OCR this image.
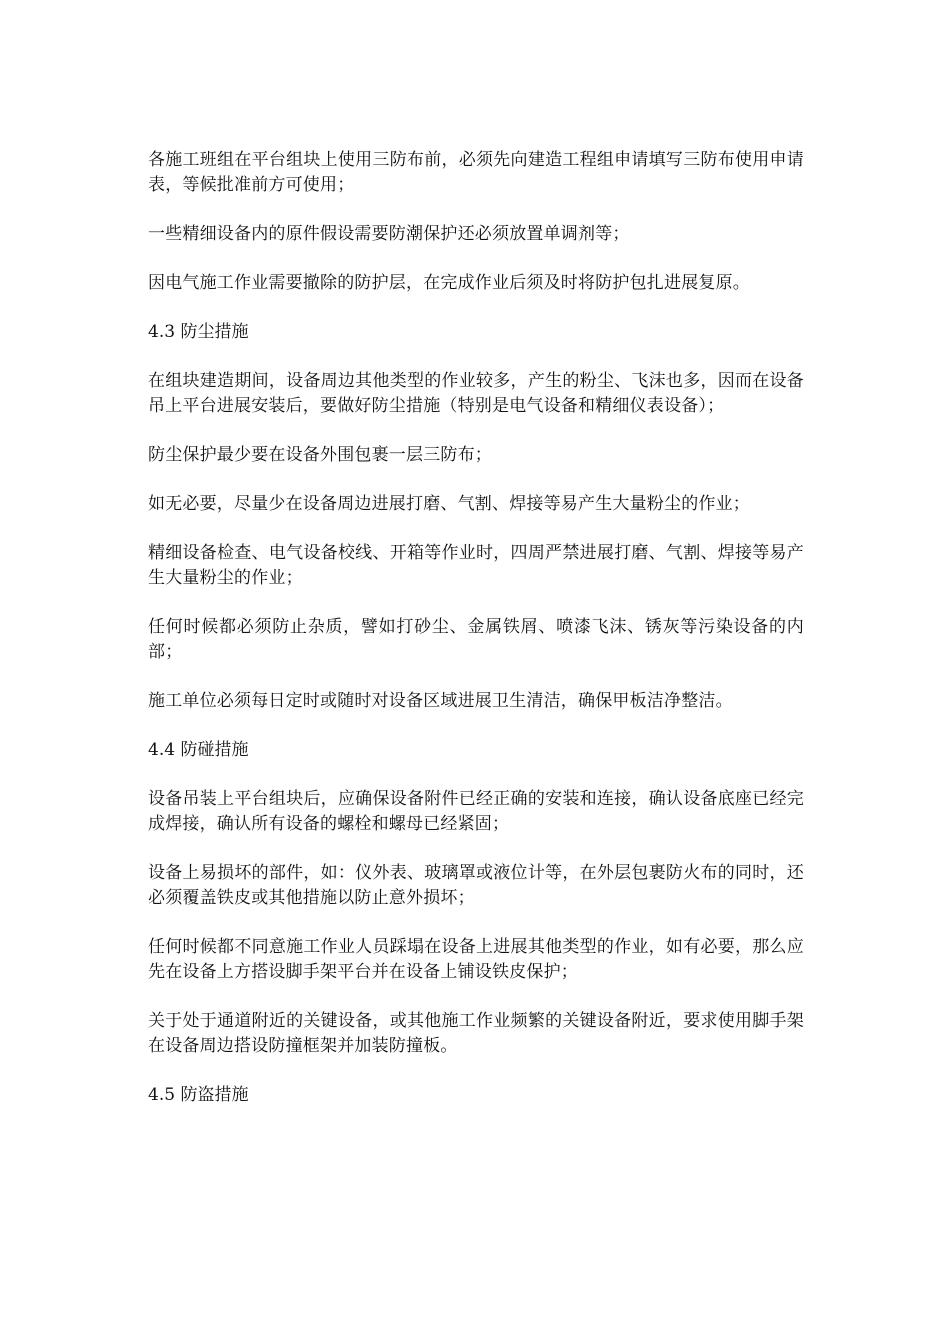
各施工班组在平台组块上使用三防布前，必须先向建造工程组申请填写三防布使用申请表，等候批准前方可使用；

一些精细设备内的原件假设需要防潮保护还必须放置单调剂等；

因电气施工作业需要撤除的防护层，在完成作业后须及时将防护包扎进展复原。

4.3 防尘措施

在组块建造期间，设备周边其他类型的作业较多，产生的粉尘、飞沫也多，因而在设备吊上平台进展安装后，要做好防尘措施（特别是电气设备和精细仪表设备）；

防尘保护最少要在设备外围包裹一层三防布；

如无必要，尽量少在设备周边进展打磨、气割、焊接等易产生大量粉尘的作业；

精细设备检查、电气设备校线、开箱等作业时，四周严禁进展打磨、气割、焊接等易产生大量粉尘的作业；

任何时候都必须防止杂质，譬如打砂尘、金属铁屑、喷漆飞沫、锈灰等污染设备的内部；

施工单位必须每日定时或随时对设备区域进展卫生清洁，确保甲板洁净整洁。

4.4 防碰措施

设备吊装上平台组块后，应确保设备附件已经正确的安装和连接，确认设备底座已经完成焊接，确认所有设备的螺栓和螺母已经紧固；

设备上易损坏的部件，如：仪外表、玻璃罩或液位计等，在外层包裹防火布的同时，还必须覆盖铁皮或其他措施以防止意外损坏；

任何时候都不同意施工作业人员踩塌在设备上进展其他类型的作业，如有必要，那么应先在设备上方搭设脚手架平台并在设备上铺设铁皮保护；

关于处于通道附近的关键设备，或其他施工作业频繁的关键设备附近，要求使用脚手架在设备周边搭设防撞框架并加装防撞板。

4.5 防盗措施
